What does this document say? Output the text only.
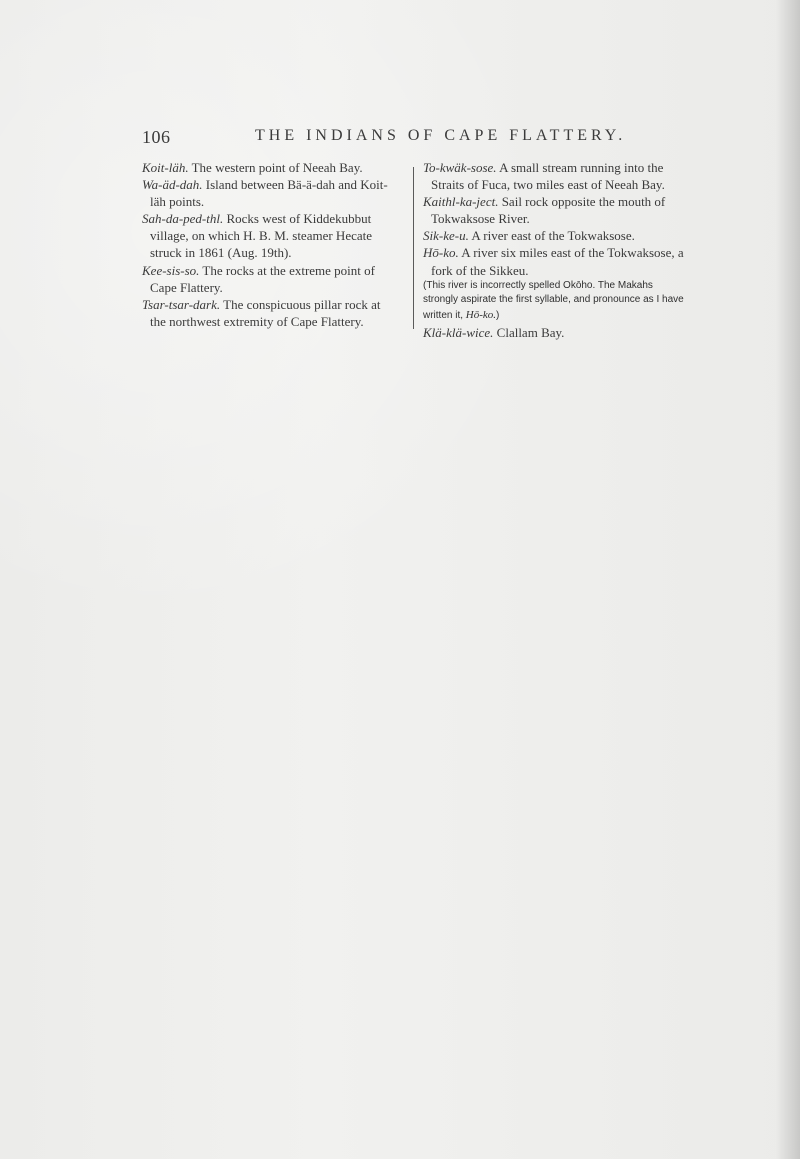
106	THE INDIANS OF CAPE FLATTERY.

Koit-läh. The western point of Neeah Bay.

Wa-äd-dah. Island between Bä-ä-dah and Koit-läh points.

Sah-da-ped-thl. Rocks west of Kiddekubbut village, on which H. B. M. steamer Hecate struck in 1861 (Aug. 19th).

Kee-sis-so. The rocks at the extreme point of Cape Flattery.

Tsar-tsar-dark. The conspicuous pillar rock at the northwest extremity of Cape Flattery.

To-kwäk-sose. A small stream running into the Straits of Fuca, two miles east of Neeah Bay.

Kaithl-ka-ject. Sail rock opposite the mouth of Tokwaksose River.

Sik-ke-u. A river east of the Tokwaksose.

Hō-ko. A river six miles east of the Tokwaksose, a fork of the Sikkeu.

(This river is incorrectly spelled Okōho. The Makahs strongly aspirate the first syllable, and pronounce as I have written it, Hō-ko.)

Klä-klä-wice. Clallam Bay.
